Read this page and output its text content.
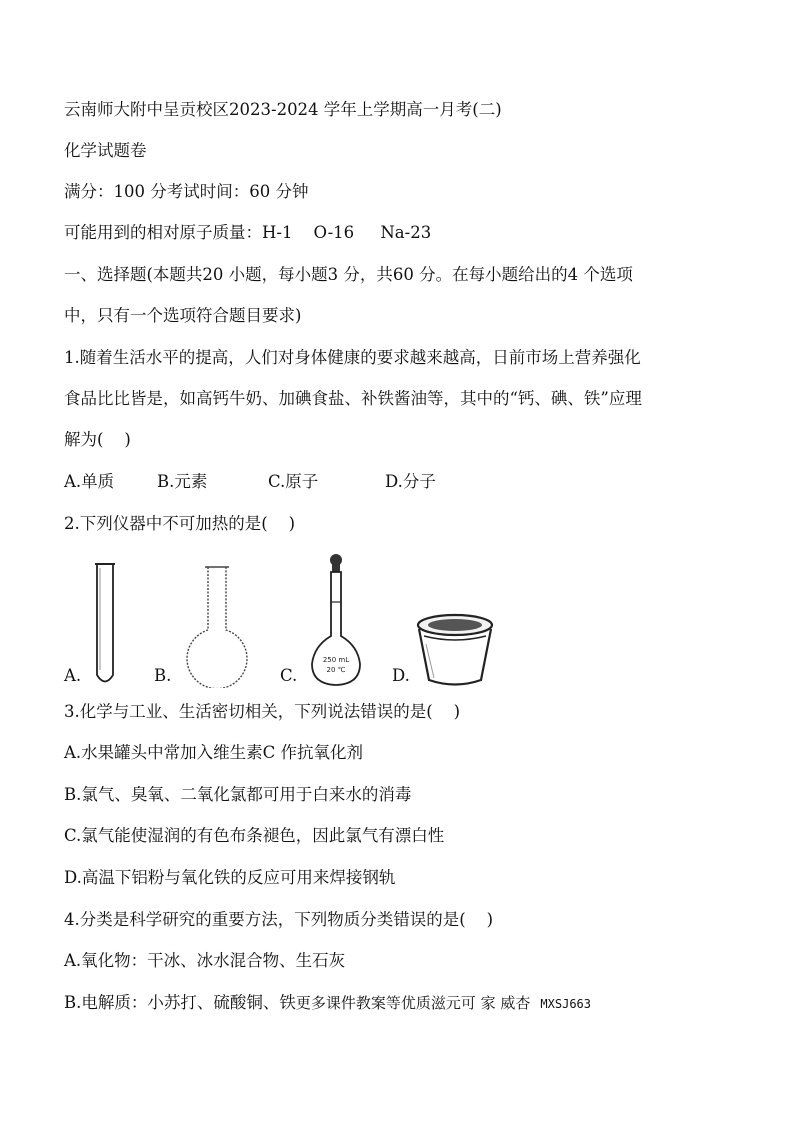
云南师大附中呈贡校区2023-2024 学年上学期高一月考(二)
化学试题卷
满分：100 分考试时间：60 分钟
可能用到的相对原子质量：H-1    O-16     Na-23
一、选择题(本题共20 小题，每小题3 分，共60 分。在每小题给出的4 个选项
中，只有一个选项符合题目要求)
1.随着生活水平的提高，人们对身体健康的要求越来越高，日前市场上营养强化
食品比比皆是，如高钙牛奶、加碘食盐、补铁酱油等，其中的“钙、碘、铁”应理
解为(    )
A.单质	B.元素	C.原子	D.分子
2.下列仪器中不可加热的是(    )
A.	B.	C.
250 mL
20 ℃	D.
3.化学与工业、生活密切相关，下列说法错误的是(    )
A.水果罐头中常加入维生素C 作抗氧化剂
B.氯气、臭氧、二氧化氯都可用于白来水的消毒
C.氯气能使湿润的有色布条褪色，因此氯气有漂白性
D.高温下铝粉与氧化铁的反应可用来焊接钢轨
4.分类是科学研究的重要方法，下列物质分类错误的是(    )
A.氧化物：干冰、冰水混合物、生石灰
B.电解质：小苏打、硫酸铜、铁更多课件教案等优质滋元可 家 威杏 MXSJ663
